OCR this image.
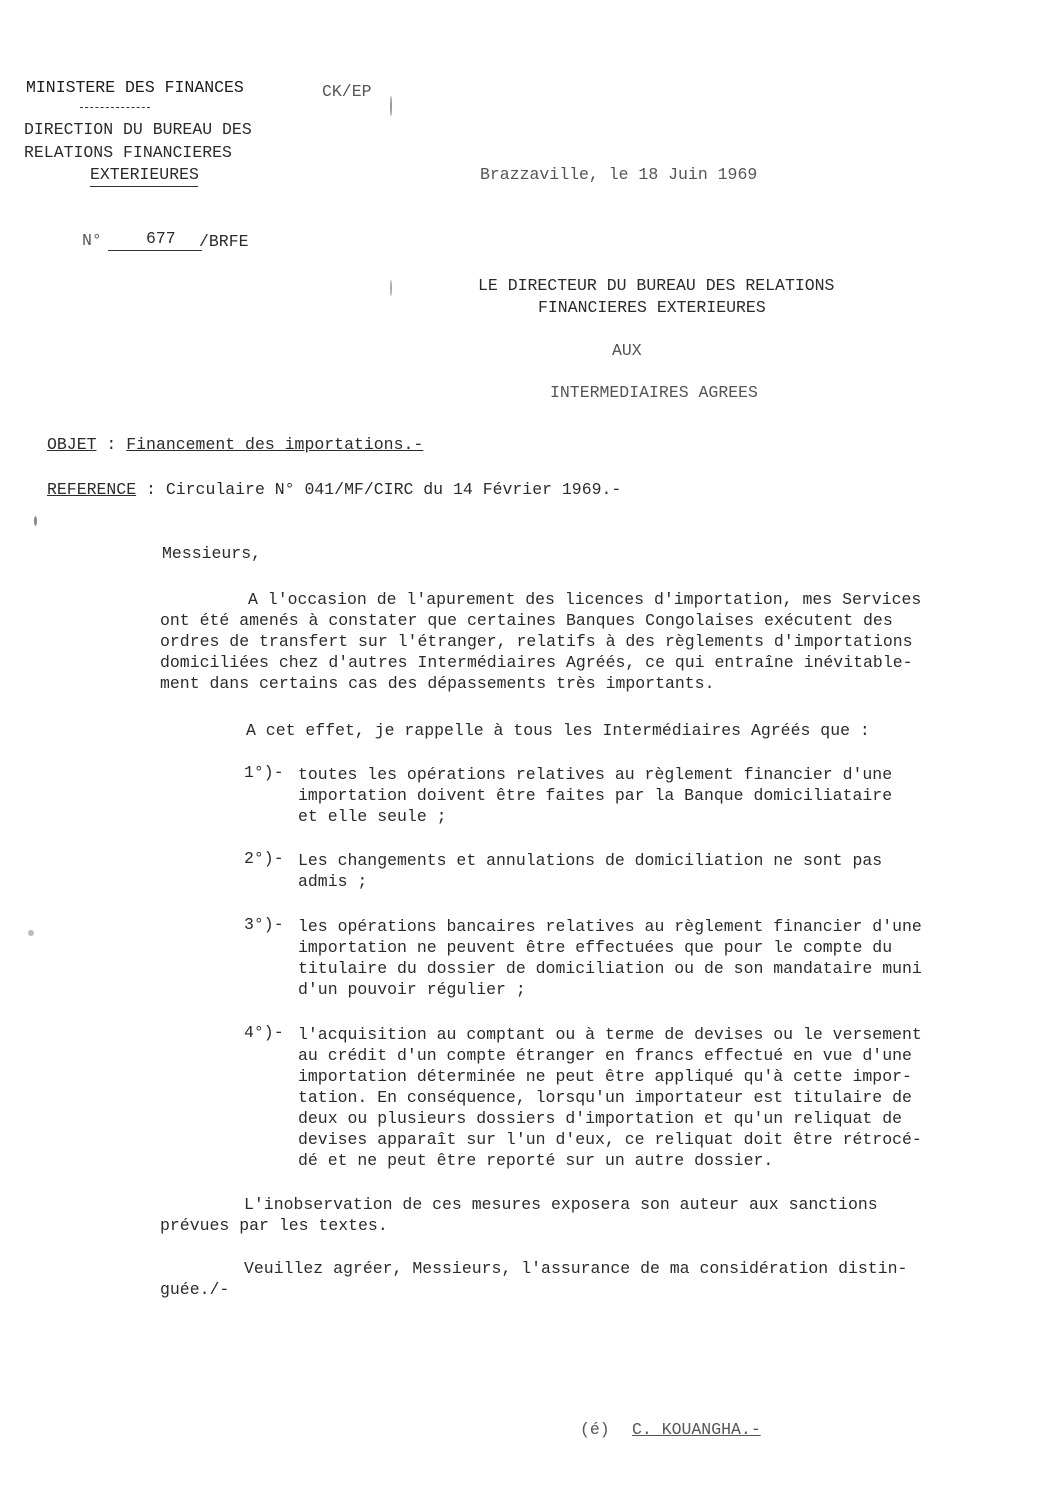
MINISTERE DES FINANCES	CK/EP
DIRECTION DU BUREAU DES
RELATIONS FINANCIERES
EXTERIEURES
N°	677 /BRFE
Brazzaville, le 18 Juin 1969
LE DIRECTEUR DU BUREAU DES RELATIONS
FINANCIERES EXTERIEURES
AUX
INTERMEDIAIRES AGREES
OBJET : Financement des importations.-
REFERENCE : Circulaire N° 041/MF/CIRC du 14 Février 1969.-
Messieurs,
A l'occasion de l'apurement des licences d'importation, mes Services
ont été amenés à constater que certaines Banques Congolaises exécutent des
ordres de transfert sur l'étranger, relatifs à des règlements d'importations
domiciliées chez d'autres Intermédiaires Agréés, ce qui entraîne inévitable-
ment dans certains cas des dépassements très importants.
A cet effet, je rappelle à tous les Intermédiaires Agréés que :
1°)- toutes les opérations relatives au règlement financier d'une
importation doivent être faites par la Banque domiciliataire
et elle seule ;
2°)- Les changements et annulations de domiciliation ne sont pas
admis ;
3°)- les opérations bancaires relatives au règlement financier d'une
importation ne peuvent être effectuées que pour le compte du
titulaire du dossier de domiciliation ou de son mandataire muni
d'un pouvoir régulier ;
4°)- l'acquisition au comptant ou à terme de devises ou le versement
au crédit d'un compte étranger en francs effectué en vue d'une
importation déterminée ne peut être appliqué qu'à cette impor-
tation. En conséquence, lorsqu'un importateur est titulaire de
deux ou plusieurs dossiers d'importation et qu'un reliquat de
devises apparaît sur l'un d'eux, ce reliquat doit être rétrocé-
dé et ne peut être reporté sur un autre dossier.
L'inobservation de ces mesures exposera son auteur aux sanctions
prévues par les textes.
Veuillez agréer, Messieurs, l'assurance de ma considération distin-
guée./-
(é) C. KOUANGHA.-
